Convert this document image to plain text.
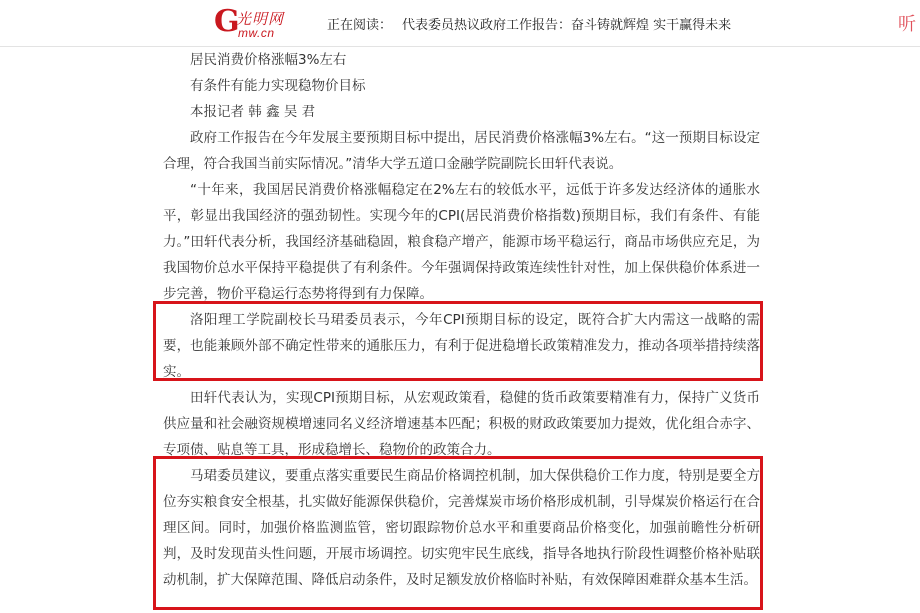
G
光明网
mw.cn	正在阅读： 代表委员热议政府工作报告：奋斗铸就辉煌 实干赢得未来	听

居民消费价格涨幅3%左右

有条件有能力实现稳物价目标

本报记者 韩 鑫 吴 君

政府工作报告在今年发展主要预期目标中提出，居民消费价格涨幅3%左右。“这一预期目标设定合理，符合我国当前实际情况。”清华大学五道口金融学院副院长田轩代表说。

“十年来，我国居民消费价格涨幅稳定在2%左右的较低水平，远低于许多发达经济体的通胀水平，彰显出我国经济的强劲韧性。实现今年的CPI(居民消费价格指数)预期目标，我们有条件、有能力。”田轩代表分析，我国经济基础稳固，粮食稳产增产，能源市场平稳运行，商品市场供应充足，为我国物价总水平保持平稳提供了有利条件。今年强调保持政策连续性针对性，加上保供稳价体系进一步完善，物价平稳运行态势将得到有力保障。

洛阳理工学院副校长马珺委员表示，今年CPI预期目标的设定，既符合扩大内需这一战略的需要，也能兼顾外部不确定性带来的通胀压力，有利于促进稳增长政策精准发力，推动各项举措持续落实。

田轩代表认为，实现CPI预期目标，从宏观政策看，稳健的货币政策要精准有力，保持广义货币供应量和社会融资规模增速同名义经济增速基本匹配；积极的财政政策要加力提效，优化组合赤字、专项债、贴息等工具，形成稳增长、稳物价的政策合力。

马珺委员建议，要重点落实重要民生商品价格调控机制，加大保供稳价工作力度，特别是要全方位夯实粮食安全根基，扎实做好能源保供稳价，完善煤炭市场价格形成机制，引导煤炭价格运行在合理区间。同时，加强价格监测监管，密切跟踪物价总水平和重要商品价格变化，加强前瞻性分析研判，及时发现苗头性问题，开展市场调控。切实兜牢民生底线，指导各地执行阶段性调整价格补贴联动机制，扩大保障范围、降低启动条件，及时足额发放价格临时补贴，有效保障困难群众基本生活。
